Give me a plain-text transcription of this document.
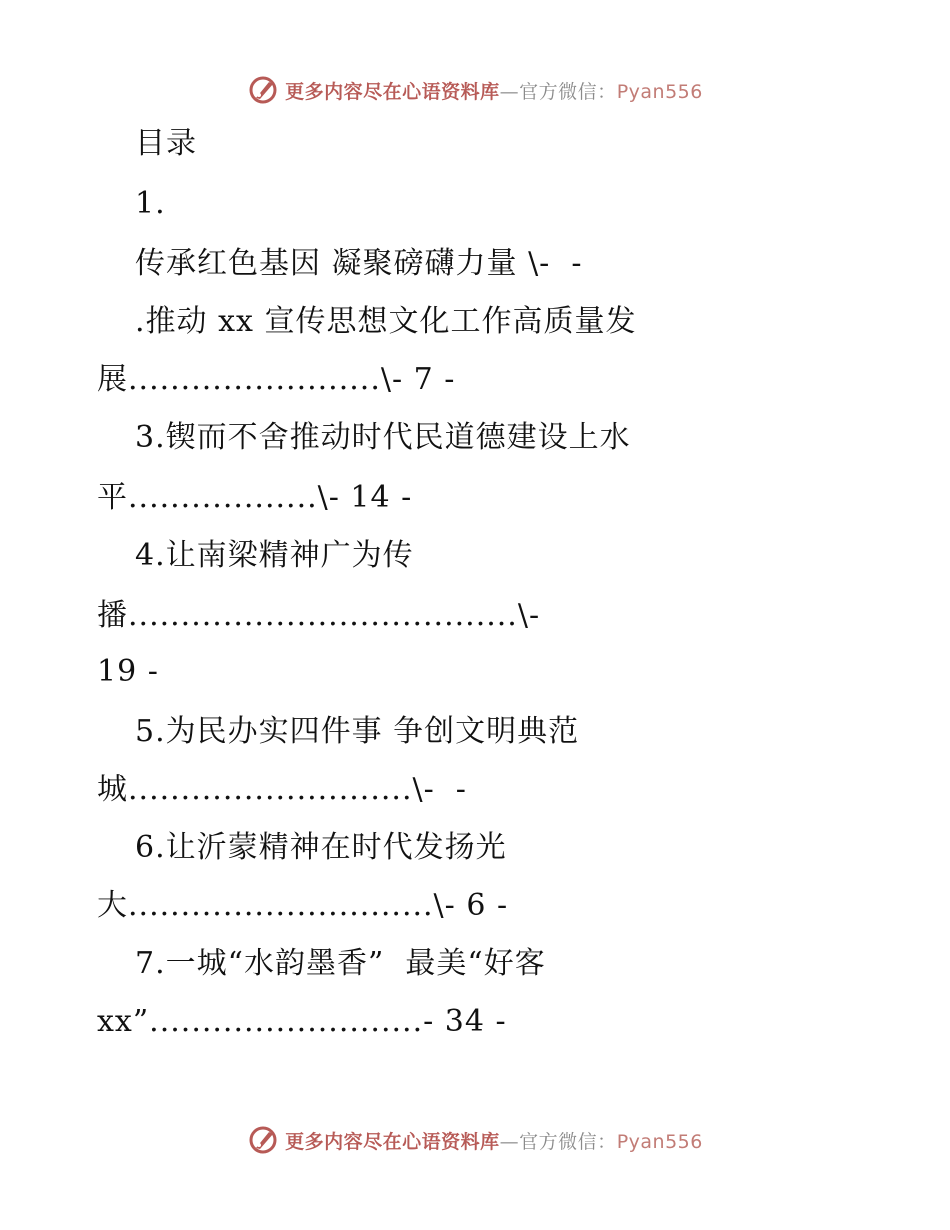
更多内容尽在心语资料库—官方微信：Pyan556
目录
1.
传承红色基因 凝聚磅礴力量 \-  -
.推动 xx 宣传思想文化工作高质量发
展........................\- 7 -
3.锲而不舍推动时代民道德建设上水
平..................\- 14 -
4.让南梁精神广为传
播.....................................\-
19 -
5.为民办实四件事 争创文明典范
城...........................\-  -
6.让沂蒙精神在时代发扬光
大.............................\- 6 -
7.一城“水韵墨香”  最美“好客
xx”..........................- 34 -
更多内容尽在心语资料库—官方微信：Pyan556
